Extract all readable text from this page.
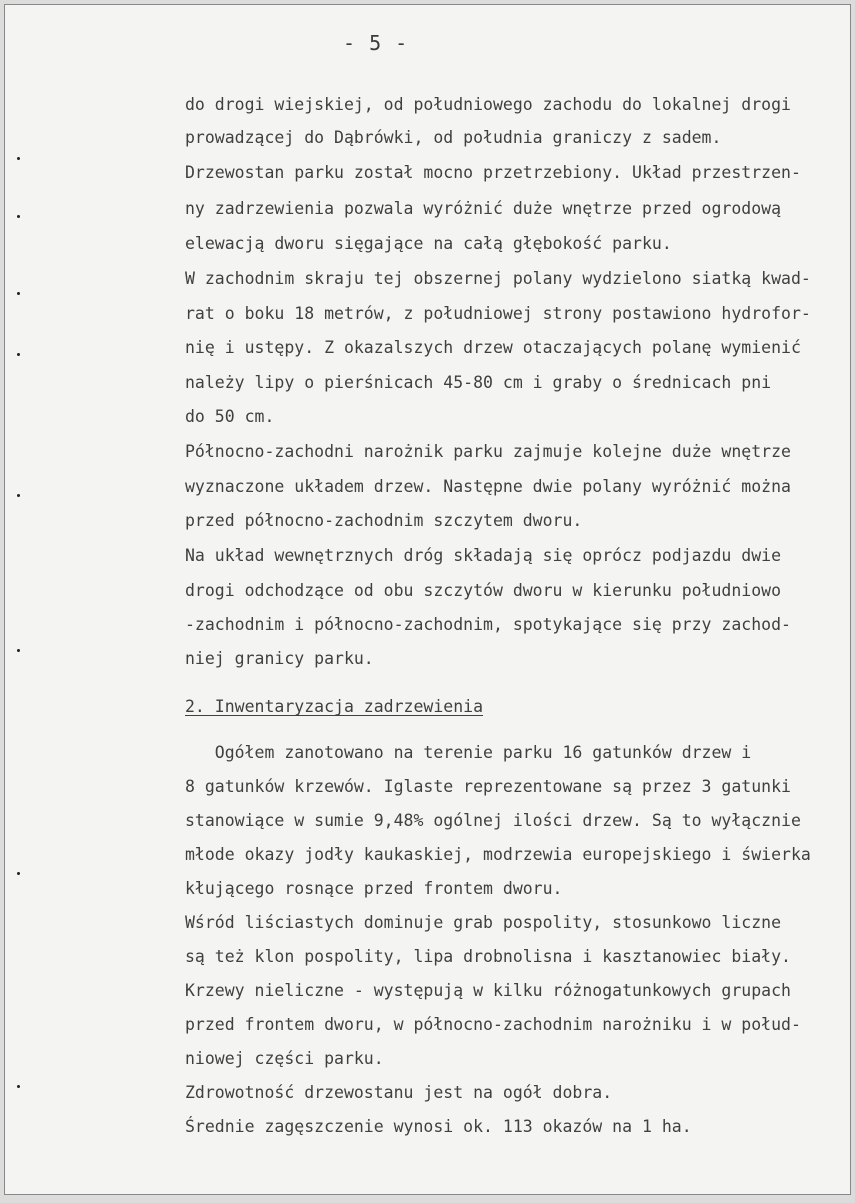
- 5 -
do drogi wiejskiej, od południowego zachodu do lokalnej drogi
prowadzącej do Dąbrówki, od południa graniczy z sadem.
Drzewostan parku został mocno przetrzebiony. Układ przestrzen-
ny zadrzewienia pozwala wyróżnić duże wnętrze przed ogrodową
elewacją dworu sięgające na całą głębokość parku.
W zachodnim skraju tej obszernej polany wydzielono siatką kwad-
rat o boku 18 metrów, z południowej strony postawiono hydrofor-
nię i ustępy. Z okazalszych drzew otaczających polanę wymienić
należy lipy o pierśnicach 45-80 cm i graby o średnicach pni
do 50 cm.
Północno-zachodni narożnik parku zajmuje kolejne duże wnętrze
wyznaczone układem drzew. Następne dwie polany wyróżnić można
przed północno-zachodnim szczytem dworu.
Na układ wewnętrznych dróg składają się oprócz podjazdu dwie
drogi odchodzące od obu szczytów dworu w kierunku południowo
-zachodnim i północno-zachodnim, spotykające się przy zachod-
niej granicy parku.
2. Inwentaryzacja zadrzewienia
Ogółem zanotowano na terenie parku 16 gatunków drzew i
8 gatunków krzewów. Iglaste reprezentowane są przez 3 gatunki
stanowiące w sumie 9,48% ogólnej ilości drzew. Są to wyłącznie
młode okazy jodły kaukaskiej, modrzewia europejskiego i świerka
kłującego rosnące przed frontem dworu.
Wśród liściastych dominuje grab pospolity, stosunkowo liczne
są też klon pospolity, lipa drobnolisna i kasztanowiec biały.
Krzewy nieliczne - występują w kilku różnogatunkowych grupach
przed frontem dworu, w północno-zachodnim narożniku i w połud-
niowej części parku.
Zdrowotność drzewostanu jest na ogół dobra.
Średnie zagęszczenie wynosi ok. 113 okazów na 1 ha.
